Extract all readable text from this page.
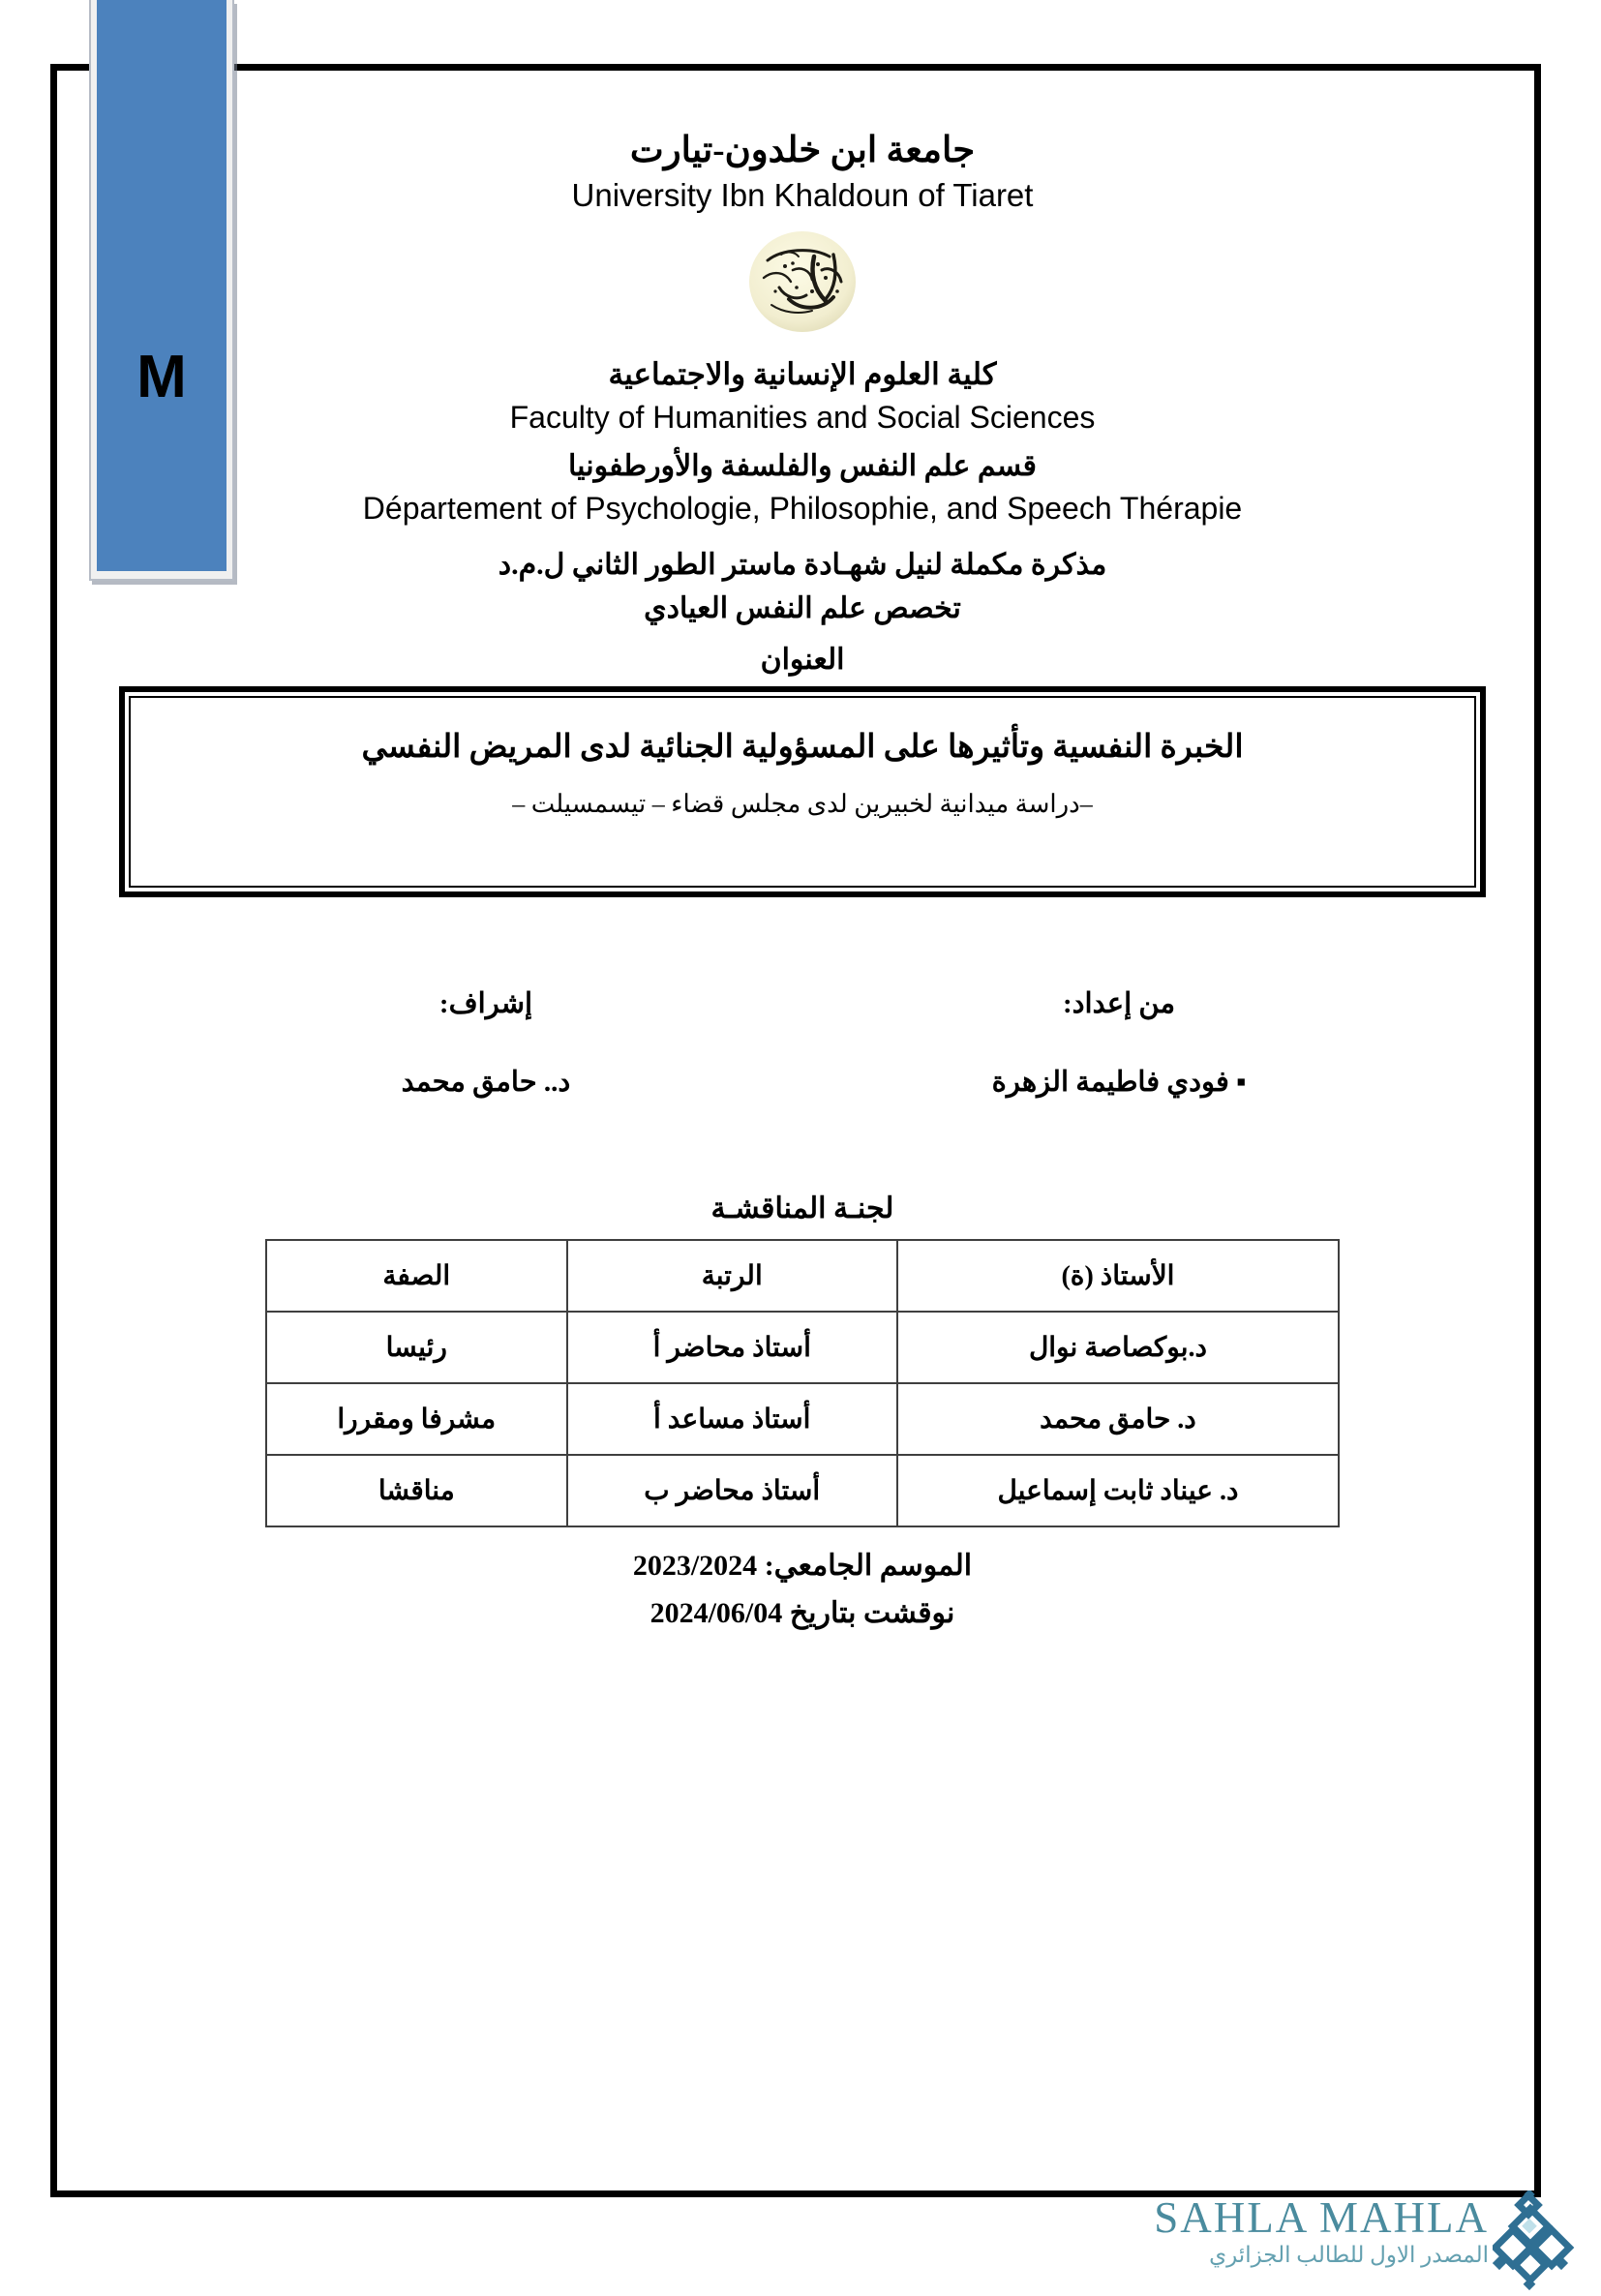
جامعة ابن خلدون-تيارت
University Ibn Khaldoun of Tiaret
كلية العلوم الإنسانية والاجتماعية
Faculty of Humanities and Social Sciences
قسم علم النفس والفلسفة والأورطفونيا
Département of Psychologie, Philosophie, and Speech Thérapie
مذكرة مكملة لنيل شهـادة ماستر الطور الثاني ل.م.د
تخصص علم النفس العيادي
العنوان
الخبرة النفسية وتأثيرها على المسؤولية الجنائية لدى المريض النفسي
–دراسة ميدانية لخبيرين لدى مجلس قضاء – تيسمسيلت –
من إعداد:
▪ فودي فاطيمة الزهرة
إشراف:
د.. حامق محمد
لجنـة المناقشـة
الأستاذ (ة)	الرتبة	الصفة
د.بوكصاصة نوال	أستاذ محاضر أ	رئيسا
د. حامق محمد	أستاذ مساعد أ	مشرفا ومقررا
د. عيناد ثابت إسماعيل	أستاذ محاضر ب	مناقشا
الموسم الجامعي: 2023/2024
نوقشت بتاريخ 2024/06/04
M
SAHLA MAHLA
المصدر الاول للطالب الجزائري
